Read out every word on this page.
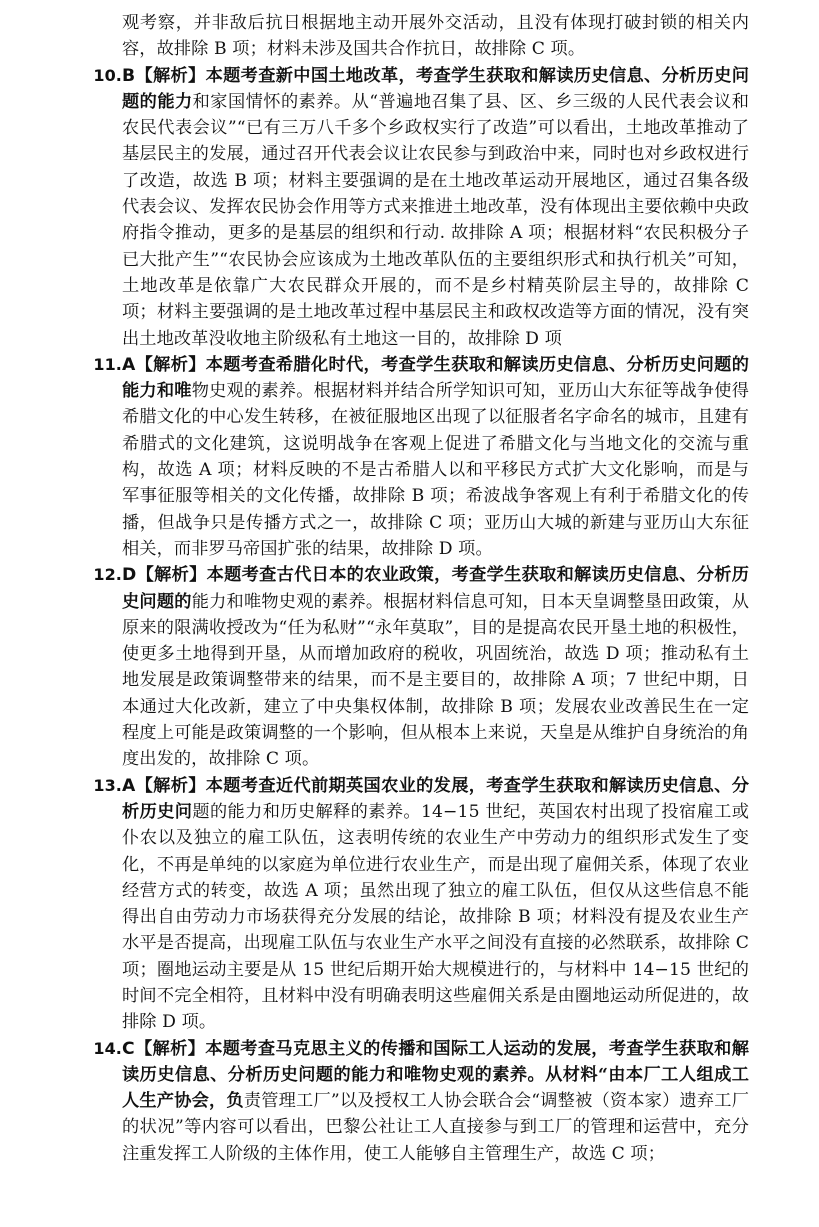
观考察，并非敌后抗日根据地主动开展外交活动，且没有体现打破封锁的相关内容，故排除 B 项；材料未涉及国共合作抗日，故排除 C 项。

10. B【解析】本题考查新中国土地改革，考查学生获取和解读历史信息、分析历史问题的能力和家国情怀的素养。从“普遍地召集了县、区、乡三级的人民代表会议和农民代表会议”“已有三万八千多个乡政权实行了改造”可以看出，土地改革推动了基层民主的发展，通过召开代表会议让农民参与到政治中来，同时也对乡政权进行了改造，故选 B 项；材料主要强调的是在土地改革运动开展地区，通过召集各级代表会议、发挥农民协会作用等方式来推进土地改革，没有体现出主要依赖中央政府指令推动，更多的是基层的组织和行动. 故排除 A 项；根据材料“农民积极分子已大批产生”“农民协会应该成为土地改革队伍的主要组织形式和执行机关”可知，土地改革是依靠广大农民群众开展的，而不是乡村精英阶层主导的，故排除 C 项；材料主要强调的是土地改革过程中基层民主和政权改造等方面的情况，没有突出土地改革没收地主阶级私有土地这一目的，故排除 D 项

11. A【解析】本题考查希腊化时代，考查学生获取和解读历史信息、分析历史问题的能力和唯物史观的素养。根据材料并结合所学知识可知，亚历山大东征等战争使得希腊文化的中心发生转移，在被征服地区出现了以征服者名字命名的城市，且建有希腊式的文化建筑，这说明战争在客观上促进了希腊文化与当地文化的交流与重构，故选 A 项；材料反映的不是古希腊人以和平移民方式扩大文化影响，而是与军事征服等相关的文化传播，故排除 B 项；希波战争客观上有利于希腊文化的传播，但战争只是传播方式之一，故排除 C 项；亚历山大城的新建与亚历山大东征相关，而非罗马帝国扩张的结果，故排除 D 项。

12. D【解析】本题考查古代日本的农业政策，考查学生获取和解读历史信息、分析历史问题的能力和唯物史观的素养。根据材料信息可知，日本天皇调整垦田政策，从原来的限满收授改为“任为私财”“永年莫取”，目的是提高农民开垦土地的积极性，使更多土地得到开垦，从而增加政府的税收，巩固统治，故选 D 项；推动私有土地发展是政策调整带来的结果，而不是主要目的，故排除 A 项；7 世纪中期，日本通过大化改新，建立了中央集权体制，故排除 B 项；发展农业改善民生在一定程度上可能是政策调整的一个影响，但从根本上来说，天皇是从维护自身统治的角度出发的，故排除 C 项。

13. A【解析】本题考查近代前期英国农业的发展，考查学生获取和解读历史信息、分析历史问题的能力和历史解释的素养。14−15 世纪，英国农村出现了投宿雇工或仆农以及独立的雇工队伍，这表明传统的农业生产中劳动力的组织形式发生了变化，不再是单纯的以家庭为单位进行农业生产，而是出现了雇佣关系，体现了农业经营方式的转变，故选 A 项；虽然出现了独立的雇工队伍，但仅从这些信息不能得出自由劳动力市场获得充分发展的结论，故排除 B 项；材料没有提及农业生产水平是否提高，出现雇工队伍与农业生产水平之间没有直接的必然联系，故排除 C 项；圈地运动主要是从 15 世纪后期开始大规模进行的，与材料中 14−15 世纪的时间不完全相符，且材料中没有明确表明这些雇佣关系是由圈地运动所促进的，故排除 D 项。

14. C【解析】本题考查马克思主义的传播和国际工人运动的发展，考查学生获取和解读历史信息、分析历史问题的能力和唯物史观的素养。从材料“由本厂工人组成工人生产协会，负责管理工厂”以及授权工人协会联合会“调整被（资本家）遗弃工厂的状况”等内容可以看出，巴黎公社让工人直接参与到工厂的管理和运营中，充分注重发挥工人阶级的主体作用，使工人能够自主管理生产，故选 C 项；
